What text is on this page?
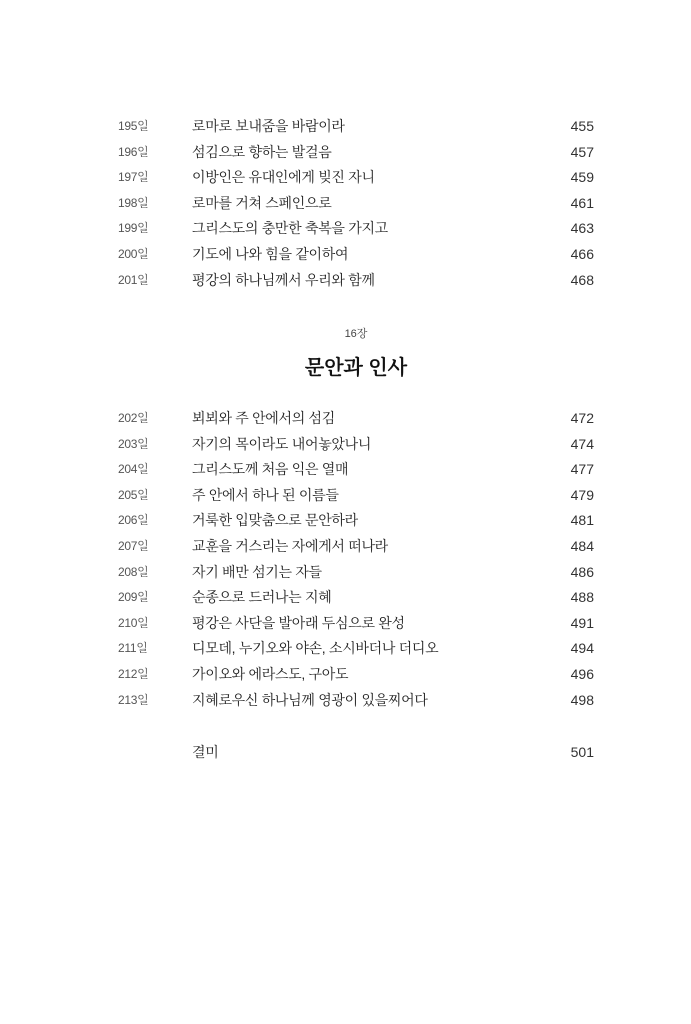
195일	로마로 보내줌을 바람이라	455
196일	섬김으로 향하는 발걸음	457
197일	이방인은 유대인에게 빚진 자니	459
198일	로마를 거쳐 스페인으로	461
199일	그리스도의 충만한 축복을 가지고	463
200일	기도에 나와 힘을 같이하여	466
201일	평강의 하나님께서 우리와 함께	468
16장
문안과 인사
202일	뵈뵈와 주 안에서의 섬김	472
203일	자기의 목이라도 내어놓았나니	474
204일	그리스도께 처음 익은 열매	477
205일	주 안에서 하나 된 이름들	479
206일	거룩한 입맞춤으로 문안하라	481
207일	교훈을 거스리는 자에게서 떠나라	484
208일	자기 배만 섬기는 자들	486
209일	순종으로 드러나는 지혜	488
210일	평강은 사단을 발아래 두심으로 완성	491
211일	디모데, 누기오와 야손, 소시바더나 더디오	494
212일	가이오와 에라스도, 구아도	496
213일	지혜로우신 하나님께 영광이 있을찌어다	498
결미	501
